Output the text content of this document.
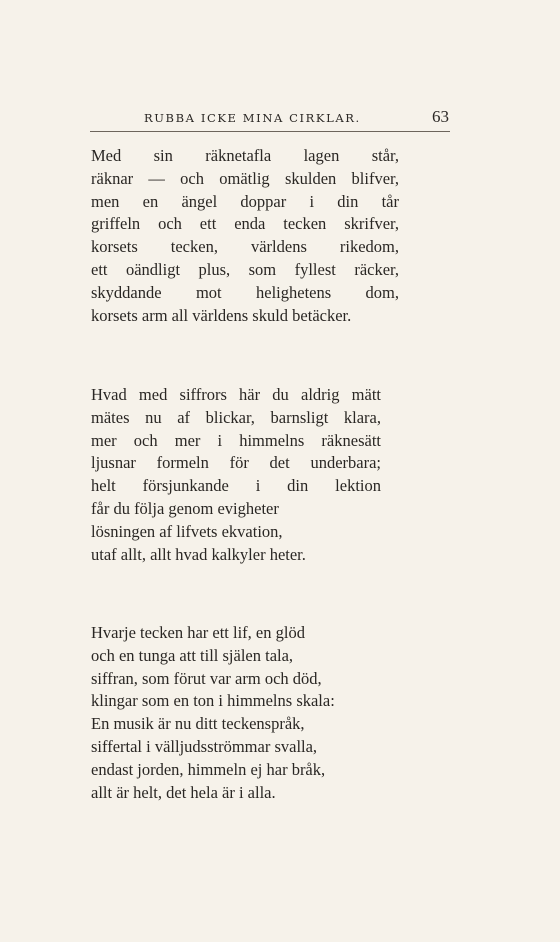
RUBBA ICKE MINA CIRKLAR.	63
Med sin räknetafla lagen står,
räknar — och omätlig skulden blifver,
men en ängel doppar i din tår
griffeln och ett enda tecken skrifver,
korsets tecken, världens rikedom,
ett oändligt plus, som fyllest räcker,
skyddande mot helighetens dom,
korsets arm all världens skuld betäcker.
Hvad med siffrors här du aldrig mätt
mätes nu af blickar, barnsligt klara,
mer och mer i himmelns räknesätt
ljusnar formeln för det underbara;
helt försjunkande i din lektion
får du följa genom evigheter
lösningen af lifvets ekvation,
utaf allt, allt hvad kalkyler heter.
Hvarje tecken har ett lif, en glöd
och en tunga att till själen tala,
siffran, som förut var arm och död,
klingar som en ton i himmelns skala:
En musik är nu ditt teckenspråk,
siffertal i välljudsströmmar svalla,
endast jorden, himmeln ej har bråk,
allt är helt, det hela är i alla.
